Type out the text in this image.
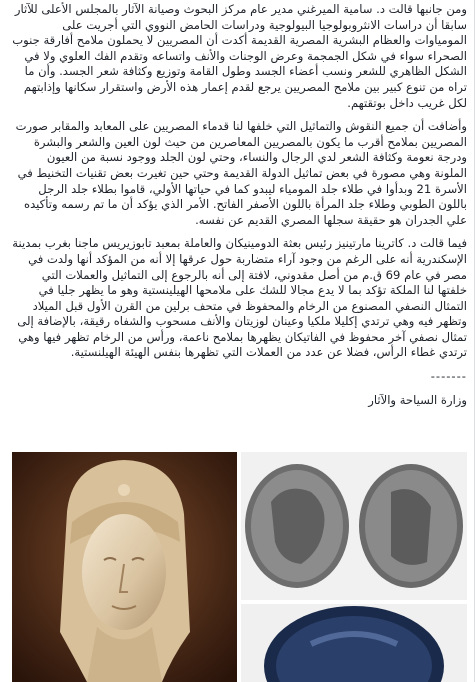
ومن جانبها قالت د. سامية الميرغني مدير عام مركز البحوث وصيانة الآثار بالمجلس الأعلى للآثار سابقا أن دراسات الانثروبولوجيا البيولوجية ودراسات الحامض النووي التي أجريت على المومياوات والعظام البشرية المصرية القديمة أكدت أن المصريين لا يحملون ملامح أفارقة جنوب الصحراء سواء في شكل الجمجمة وعرض الوجنات والأنف واتساعه وتقدم الفك العلوي ولا في الشكل الظاهري للشعر ونسب أعضاء الجسد وطول القامة وتوزيع وكثافة شعر الجسد. وأن ما تراه من تنوع كبير بين ملامح المصريين يرجع لقدم إعمار هذه الأرض واستقرار سكانها وإذابتهم لكل غريب داخل بوتقتهم.

وأضافت أن جميع النقوش والتماثيل التي خلفها لنا قدماء المصريين على المعابد والمقابر صورت المصريين بملامح أقرب ما يكون بالمصريين المعاصرين من حيث لون العين والشعر والبشرة ودرجة نعومة وكثافة الشعر لدي الرجال والنساء، وحتي لون الجلد ووجود نسبة من العيون الملونة وهي مصورة في بعض تماثيل الدولة القديمة وحتي حين تغيرت بعض تقنيات التخنيط في الأسرة 21 وبدأوا في طلاء جلد المومياء ليبدو كما في حياتها الأولي، قاموا بطلاء جلد الرجل باللون الطوبي وطلاء جلد المرأة باللون الأصفر الفاتح. الأمر الذي يؤكد أن ما تم رسمه وتأكيده علي الجدران هو حقيقة سجلها المصري القديم عن نفسه.

فيما قالت د. كاترينا مارتينيز رئيس بعثة الدومينيكان والعاملة بمعبد تابوزيريس ماجنا بغرب بمدينة الإسكندرية أنه على الرغم من وجود آراء متضاربة حول عرقها إلا أنه من المؤكد أنها ولدت في مصر في عام 69 ق.م من أصل مقدوني، لافتة إلى أنه بالرجوع إلى التماثيل والعملات التي خلفتها لنا الملكة تؤكد بما لا يدع مجالا للشك على ملامحها الهيلينستية وهو ما يظهر جليا في التمثال النصفي المصنوع من الرخام والمحفوظ في متحف برلين من القرن الأول قبل الميلاد وتظهر فيه وهي ترتدي إكليلا ملكيا وعينان لوزيتان والأنف مسحوب والشفاه رقيقة، بالإضافة إلى تمثال نصفي آخر محفوظ في الفاتيكان يظهرها بملامح ناعمة، ورأس من الرخام تظهر فيها وهي ترتدي غطاء الرأس، فضلا عن عدد من العملات التي تظهرها بنفس الهيئة الهيلنستية.

-------
وزارة السياحة والآثار
